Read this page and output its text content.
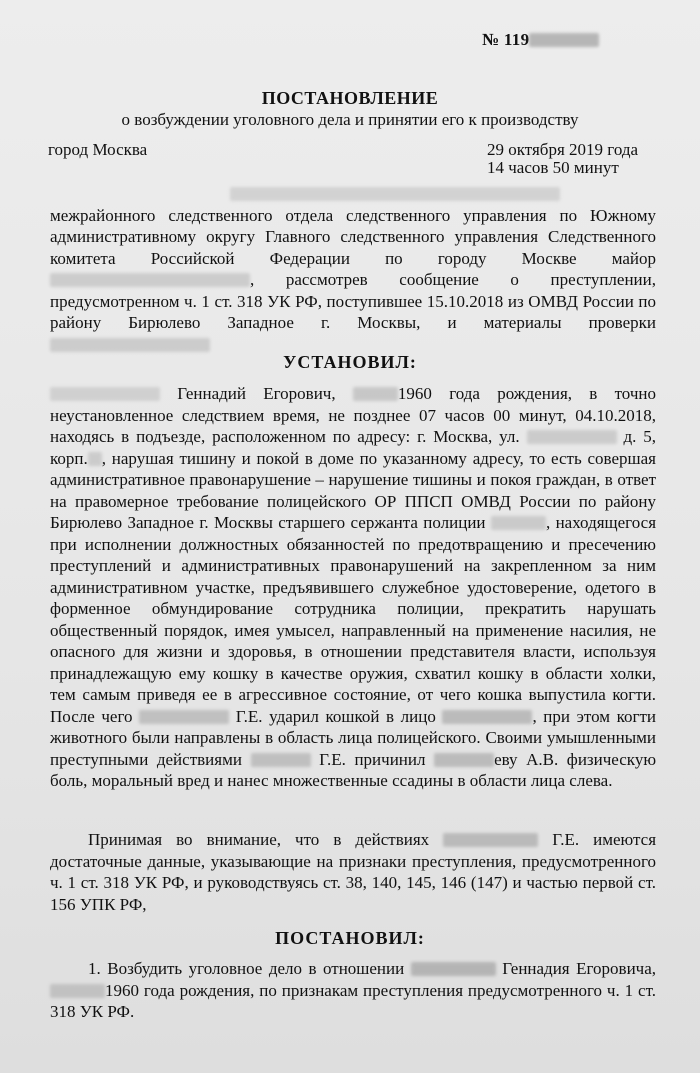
№ 119
ПОСТАНОВЛЕНИЕ
о возбуждении уголовного дела и принятии его к производству
город Москва	29 октября 2019 года
14 часов 50 минут
межрайонного следственного отдела следственного управления по Южному административному округу Главного следственного управления Следственного комитета Российской Федерации по городу Москве майор , рассмотрев сообщение о преступлении, предусмотренном ч. 1 ст. 318 УК РФ, поступившее 15.10.2018 из ОМВД России по району Бирюлево Западное г. Москвы, и материалы проверки
УСТАНОВИЛ:
Геннадий Егорович,	1960 года рождения, в точно неустановленное следствием время, не позднее 07 часов 00 минут, 04.10.2018, находясь в подъезде, расположенном по адресу: г. Москва, ул.	д. 5, корп. , нарушая тишину и покой в доме по указанному адресу, то есть совершая административное правонарушение – нарушение тишины и покоя граждан, в ответ на правомерное требование полицейского ОР ППСП ОМВД России по району Бирюлево Западное г. Москвы старшего сержанта полиции	, находящегося при исполнении должностных обязанностей по предотвращению и пресечению преступлений и административных правонарушений на закрепленном за ним административном участке, предъявившего служебное удостоверение, одетого в форменное обмундирование сотрудника полиции, прекратить нарушать общественный порядок, имея умысел, направленный на применение насилия, не опасного для жизни и здоровья, в отношении представителя власти, используя принадлежащую ему кошку в качестве оружия, схватил кошку в области холки, тем самым приведя ее в агрессивное состояние, от чего кошка выпустила когти. После чего	Г.Е. ударил кошкой в лицо	, при этом когти животного были направлены в область лица полицейского. Своими умышленными преступными действиями	Г.Е. причинил	еву А.В. физическую боль, моральный вред и нанес множественные ссадины в области лица слева.
Принимая во внимание, что в действиях	Г.Е. имеются достаточные данные, указывающие на признаки преступления, предусмотренного ч. 1 ст. 318 УК РФ, и руководствуясь ст. 38, 140, 145, 146 (147) и частью первой ст. 156 УПК РФ,
ПОСТАНОВИЛ:
1. Возбудить уголовное дело в отношении	Геннадия Егоровича, 1960 года рождения, по признакам преступления предусмотренного ч. 1 ст. 318 УК РФ.
